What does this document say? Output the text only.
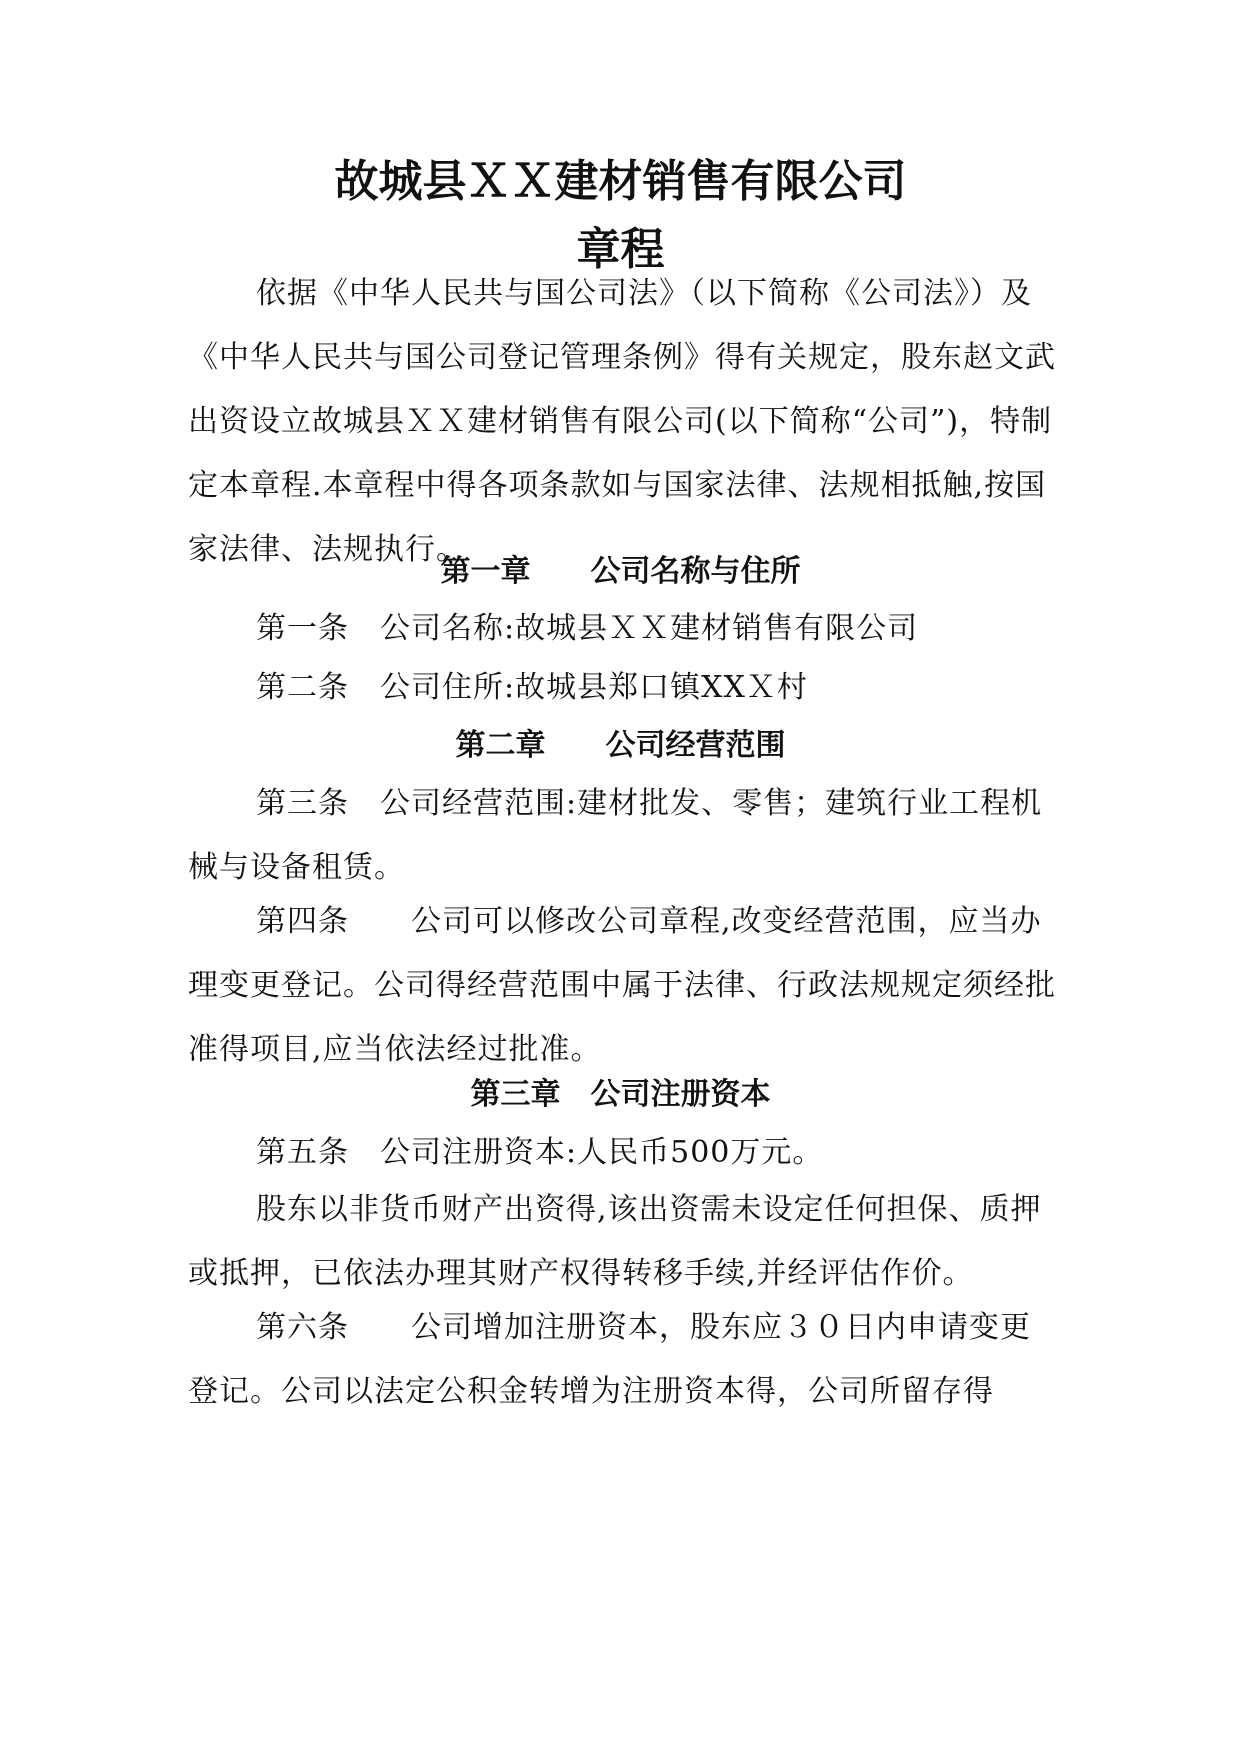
故城县ＸＸ建材销售有限公司
章程

依据《中华人民共与国公司法》（以下简称《公司法》）及《中华人民共与国公司登记管理条例》得有关规定，股东赵文武出资设立故城县ＸＸ建材销售有限公司(以下简称“公司”)，特制定本章程.本章程中得各项条款如与国家法律、法规相抵触,按国家法律、法规执行。

第一章　　公司名称与住所

第一条　公司名称:故城县ＸＸ建材销售有限公司

第二条　公司住所:故城县郑口镇XXＸ村

第二章　　公司经营范围

第三条　公司经营范围:建材批发、零售；建筑行业工程机械与设备租赁。

第四条　　公司可以修改公司章程,改变经营范围，应当办理变更登记。公司得经营范围中属于法律、行政法规规定须经批准得项目,应当依法经过批准。

第三章　公司注册资本

第五条　公司注册资本:人民币500万元。

股东以非货币财产出资得,该出资需未设定任何担保、质押或抵押，已依法办理其财产权得转移手续,并经评估作价。

第六条　　公司增加注册资本，股东应３０日内申请变更登记。公司以法定公积金转增为注册资本得，公司所留存得
